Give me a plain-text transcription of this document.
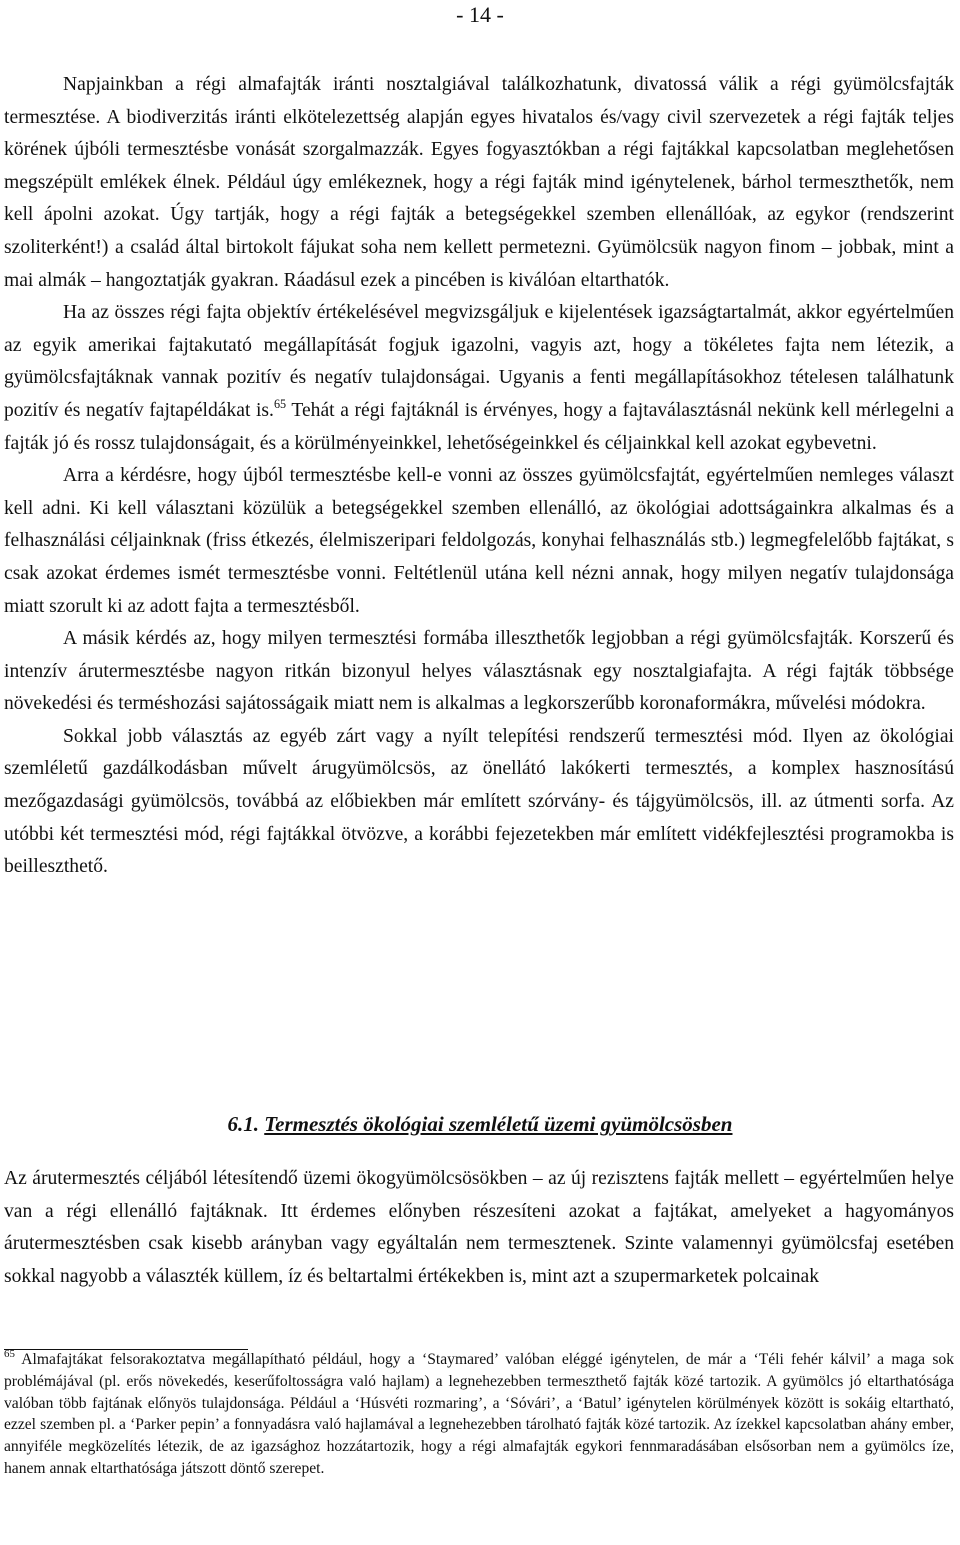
- 14 -

Napjainkban a régi almafajták iránti nosztalgiával találkozhatunk, divatossá válik a régi gyümölcsfajták termesztése. A biodiverzitás iránti elkötelezettség alapján egyes hivatalos és/vagy civil szervezetek a régi fajták teljes körének újbóli termesztésbe vonását szorgalmazzák. Egyes fogyasztókban a régi fajtákkal kapcsolatban meglehetősen megszépült emlékek élnek. Például úgy emlékeznek, hogy a régi fajták mind igénytelenek, bárhol termeszthetők, nem kell ápolni azokat. Úgy tartják, hogy a régi fajták a betegségekkel szemben ellenállóak, az egykor (rendszerint szoliterként!) a család által birtokolt fájukat soha nem kellett permetezni. Gyümölcsük nagyon finom – jobbak, mint a mai almák – hangoztatják gyakran. Ráadásul ezek a pincében is kiválóan eltarthatók.

Ha az összes régi fajta objektív értékelésével megvizsgáljuk e kijelentések igazságtartalmát, akkor egyértelműen az egyik amerikai fajtakutató megállapítását fogjuk igazolni, vagyis azt, hogy a tökéletes fajta nem létezik, a gyümölcsfajtáknak vannak pozitív és negatív tulajdonságai. Ugyanis a fenti megállapításokhoz tételesen találhatunk pozitív és negatív fajtapéldákat is.$^{65}$ Tehát a régi fajtáknál is érvényes, hogy a fajtaválasztásnál nekünk kell mérlegelni a fajták jó és rossz tulajdonságait, és a körülményeinkkel, lehetőségeinkkel és céljainkkal kell azokat egybevetni.

Arra a kérdésre, hogy újból termesztésbe kell-e vonni az összes gyümölcsfajtát, egyértelműen nemleges választ kell adni. Ki kell választani közülük a betegségekkel szemben ellenálló, az ökológiai adottságainkra alkalmas és a felhasználási céljainknak (friss étkezés, élelmiszeripari feldolgozás, konyhai felhasználás stb.) legmegfelelőbb fajtákat, s csak azokat érdemes ismét termesztésbe vonni. Feltétlenül utána kell nézni annak, hogy milyen negatív tulajdonsága miatt szorult ki az adott fajta a termesztésből.

A másik kérdés az, hogy milyen termesztési formába illeszthetők legjobban a régi gyümölcsfajták. Korszerű és intenzív árutermesztésbe nagyon ritkán bizonyul helyes választásnak egy nosztalgiafajta. A régi fajták többsége növekedési és terméshozási sajátosságaik miatt nem is alkalmas a legkorszerűbb koronaformákra, művelési módokra.

Sokkal jobb választás az egyéb zárt vagy a nyílt telepítési rendszerű termesztési mód. Ilyen az ökológiai szemléletű gazdálkodásban művelt árugyümölcsös, az önellátó lakókerti termesztés, a komplex hasznosítású mezőgazdasági gyümölcsös, továbbá az előbiekben már említett szórvány- és tájgyümölcsös, ill. az útmenti sorfa. Az utóbbi két termesztési mód, régi fajtákkal ötvözve, a korábbi fejezetekben már említett vidékfejlesztési programokba is beilleszthető.

6.1. Termesztés ökológiai szemléletű üzemi gyümölcsösben

Az árutermesztés céljából létesítendő üzemi ökogyümölcsösökben – az új rezisztens fajták mellett – egyértelműen helye van a régi ellenálló fajtáknak. Itt érdemes előnyben részesíteni azokat a fajtákat, amelyeket a hagyományos árutermesztésben csak kisebb arányban vagy egyáltalán nem termesztenek. Szinte valamennyi gyümölcsfaj esetében sokkal nagyobb a választék küllem, íz és beltartalmi értékekben is, mint azt a szupermarketek polcainak

$^{65}$ Almafajtákat felsorakoztatva megállapítható például, hogy a ‘Staymared’ valóban eléggé igénytelen, de már a ‘Téli fehér kálvil’ a maga sok problémájával (pl. erős növekedés, keserűfoltosságra való hajlam) a legnehezebben termeszthető fajták közé tartozik. A gyümölcs jó eltarthatósága valóban több fajtának előnyös tulajdonsága. Például a ‘Húsvéti rozmaring’, a ‘Sóvári’, a ‘Batul’ igénytelen körülmények között is sokáig eltartható, ezzel szemben pl. a ‘Parker pepin’ a fonnyadásra való hajlamával a legnehezebben tárolható fajták közé tartozik. Az ízekkel kapcsolatban ahány ember, annyiféle megközelítés létezik, de az igazsághoz hozzátartozik, hogy a régi almafajták egykori fennmaradásában elsősorban nem a gyümölcs íze, hanem annak eltarthatósága játszott döntő szerepet.
